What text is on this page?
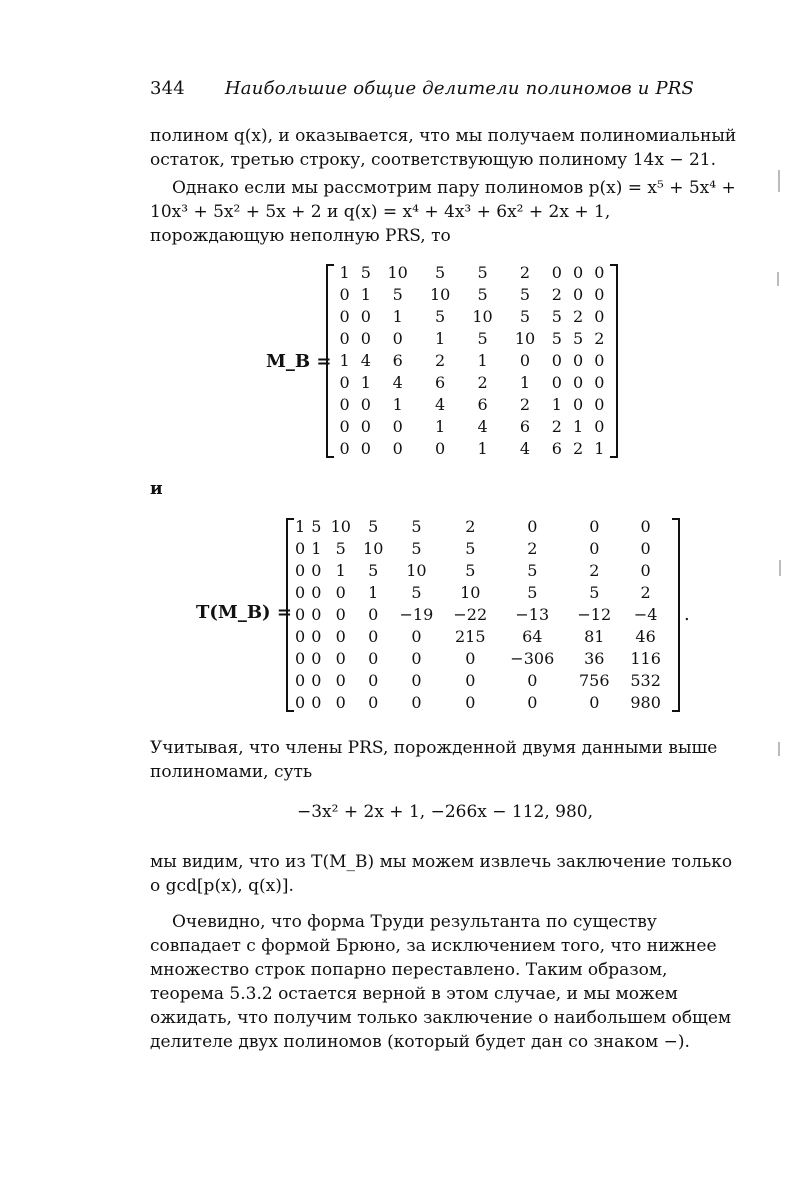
344 Наибольшие общие делители полиномов и PRS
полином q(x), и оказывается, что мы получаем полиномиальный остаток, третью строку, соответствующую полиному 14x − 21.
Однако если мы рассмотрим пару полиномов p(x) = x⁵ + 5x⁴ + 10x³ + 5x² + 5x + 2 и q(x) = x⁴ + 4x³ + 6x² + 2x + 1, порождающую неполную PRS, то
M_B =
1	5	10	5	5	2	0	0	0
0	1	5	10	5	5	2	0	0
0	0	1	5	10	5	5	2	0
0	0	0	1	5	10	5	5	2
1	4	6	2	1	0	0	0	0
0	1	4	6	2	1	0	0	0
0	0	1	4	6	2	1	0	0
0	0	0	1	4	6	2	1	0
0	0	0	0	1	4	6	2	1
и
T(M_B) =
1	5	10	5	5	2	0	0	0
0	1	5	10	5	5	2	0	0
0	0	1	5	10	5	5	2	0
0	0	0	1	5	10	5	5	2
0	0	0	0	−19	−22	−13	−12	−4
0	0	0	0	0	215	64	81	46
0	0	0	0	0	0	−306	36	116
0	0	0	0	0	0	0	756	532
0	0	0	0	0	0	0	0	980
.
Учитывая, что члены PRS, порожденной двумя данными выше полиномами, суть
−3x² + 2x + 1, −266x − 112, 980,
мы видим, что из T(M_B) мы можем извлечь заключение только о gcd[p(x), q(x)].
Очевидно, что форма Труди результанта по существу совпадает с формой Брюно, за исключением того, что нижнее множество строк попарно переставлено. Таким образом, теорема 5.3.2 остается верной в этом случае, и мы можем ожидать, что получим только заключение о наибольшем общем делителе двух полиномов (который будет дан со знаком −).
